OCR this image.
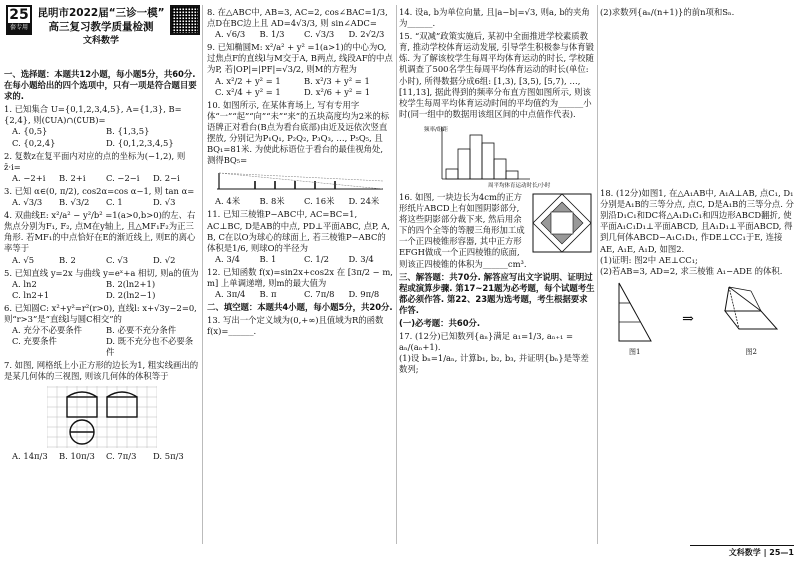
25
套专用
昆明市2022届“三诊一模”
高三复习教学质量检测
文科数学
一、选择题：本题共12小题，每小题5分，共60分. 在每小题给出的四个选项中，只有一项是符合题目要求的.
1. 已知集合 U={0,1,2,3,4,5}, A={1,3}, B={2,4}, 则(∁UA)∩(∁UB)=
A. {0,5}	B. {1,3,5}
C. {0,2,4}	D. {0,1,2,3,4,5}
2. 复数z在复平面内对应的点的坐标为(−1,2), 则z̄·i=
A. −2+i	B. 2+i	C. −2−i	D. 2−i
3. 已知 α∈(0, π/2), cos2α=cos α−1, 则 tan α=
A. √3/3	B. √3/2	C. 1	D. √3
4. 双曲线E: x²/a² − y²/b² =1(a>0,b>0)的左、右焦点分别为F₁, F₂, 点M在y轴上, 且△MF₁F₂为正三角形. 若MF₁的中点恰好在E的渐近线上, 则E的离心率等于
A. √5	B. 2	C. √3	D. √2
5. 已知直线 y=2x 与曲线 y=eˣ+a 相切, 则a的值为
A. ln2	B. 2(ln2+1)
C. ln2+1	D. 2(ln2−1)
6. 已知圆C: x²+y²=r²(r>0), 直线l: x+√3y−2=0, 则“r>3”是“直线l与圆C相交”的
A. 充分不必要条件	B. 必要不充分条件
C. 充要条件	D. 既不充分也不必要条件
7. 如图, 网格纸上小正方形的边长为1, 粗实线画出的是某几何体的三视图, 则该几何体的体积等于
A. 14π/3	B. 10π/3	C. 7π/3	D. 5π/3
8. 在△ABC中, AB=3, AC=2, cos∠BAC=1/3, 点D在BC边上且 AD=4√3/3, 则 sin∠ADC=
A. √6/3	B. 1/3	C. √3/3	D. 2√2/3
9. 已知椭圆M: x²/a² + y² =1(a>1)的中心为O, 过焦点F的直线l与M交于A, B两点, 线段AF的中点为P, 若|OP|=|PF|=√3/2, 则M的方程为
A. x²/2 + y² = 1	B. x²/3 + y² = 1
C. x²/4 + y² = 1	D. x²/6 + y² = 1
10. 如图所示, 在某体育场上, 写有专用字体“一”“起”“向”“未”“来”的五块高度均为2米的标语牌正对看台(B点为看台底部)由近及远依次竖直摆放, 分别记为P₁Q₁, P₂Q₂, P₃Q₃, …, P₅Q₅, 且BQ₁=81米. 为使此标语位于看台的最佳视角处, 测得BQ₅=
A. 4米	B. 8米	C. 16米	D. 24米
11. 已知三棱锥P−ABC中, AC=BC=1, AC⊥BC, D是AB的中点, PD⊥平面ABC, 点P, A, B, C在以O为球心的球面上, 若三棱锥P−ABC的体积是1/6, 则球O的半径为
A. 3/4	B. 1	C. 1/2	D. 3/4
12. 已知函数 f(x)=sin2x+cos2x 在 [3π/2 − m, m] 上单调递增, 则m的最大值为
A. 3π/4	B. π	C. 7π/8	D. 9π/8
二、填空题：本题共4小题，每小题5分，共20分.
13. 写出一个定义域为(0,+∞)且值域为R的函数 f(x)=______.
14. 设a, b为单位向量, 且|a−b|=√3, 则a, b的夹角为______.
15. “双减”政策实施后, 某初中全面推进学校素质教育, 推动学校体育运动发展, 引导学生积极参与体育锻炼. 为了解该校学生每周平均体育运动的时长, 学校随机调查了500名学生每周平均体育运动的时长(单位: 小时), 所得数据分成6组: [1,3), [3,5), [5,7), …, [11,13], 据此得到的频率分布直方图如图所示, 则该校学生每周平均体育运动时间的平均值约为______小时(同一组中的数据用该组区间的中点值作代表).
频率/组距
周平均体育运动时长/小时
16. 如图, 一块边长为4cm的正方形纸片ABCD上有如图阴影部分, 将这些阴影部分裁下来, 然后用余下的四个全等的等腰三角形加工成一个正四棱锥形容器, 其中正方形EFGH做成一个正四棱锥的底面, 则该正四棱锥的体积为______cm³.
三、解答题：共70分. 解答应写出文字说明、证明过程或演算步骤. 第17~21题为必考题，每个试题考生都必须作答. 第22、23题为选考题，考生根据要求作答.
(一)必考题：共60分.
17. (12分)已知数列{aₙ}满足 a₁=1/3, aₙ₊₁ = aₙ/(aₙ+1).
(1)设 bₙ=1/aₙ, 计算b₁, b₂, b₃, 并证明{bₙ}是等差数列;
(2)求数列{aₙ/(n+1)}的前n项和Sₙ.
18. (12分)如图1, 在△A₁AB中, A₁A⊥AB, 点C₁, D₁分别是A₁B的三等分点, 点C, D是A₁B的三等分点. 分别沿D₁C₁和DC将△A₁D₁C₁和四边形ABCD翻折, 使平面A₁C₁D₁⊥平面ABCD, 且A₁D₁⊥平面ABCD, 得到几何体ABCD−A₁C₁D₁, 作DE⊥CC₁于E, 连接AE, A₁E, A₁D, 如图2.
(1)证明: 图2中 AE⊥CC₁;
(2)若AB=3, AD=2, 求三棱锥 A₁−ADE 的体积.
图1
⇒
图2
文科数学 | 25—1
